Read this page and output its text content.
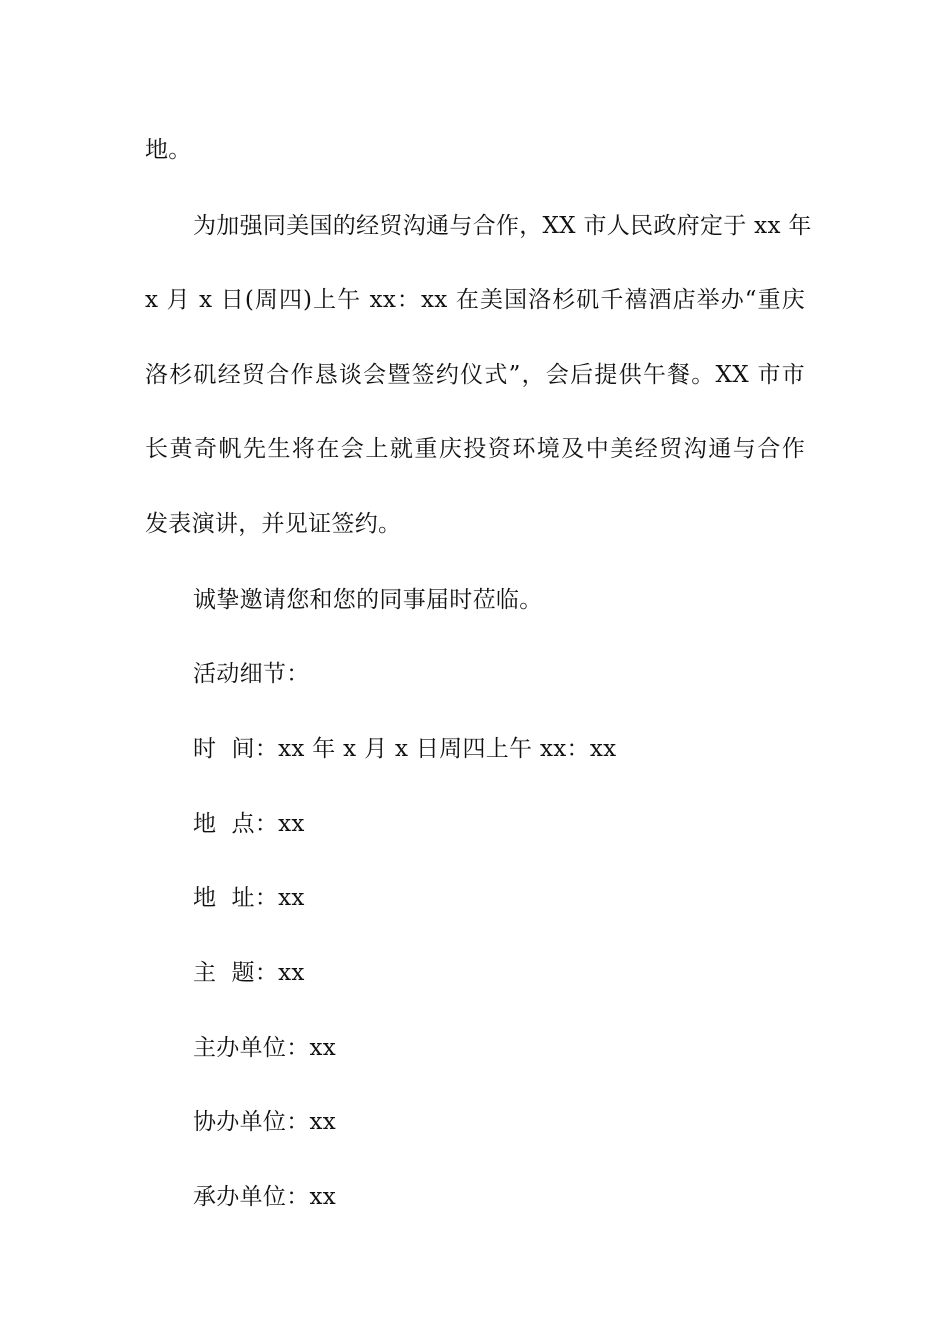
地。
为加强同美国的经贸沟通与合作，XX 市人民政府定于 xx 年
x 月 x 日(周四)上午 xx：xx 在美国洛杉矶千禧酒店举办“重庆
洛杉矶经贸合作恳谈会暨签约仪式”，会后提供午餐。XX 市市
长黄奇帆先生将在会上就重庆投资环境及中美经贸沟通与合作
发表演讲，并见证签约。
诚挚邀请您和您的同事届时莅临。
活动细节：
时  间：xx 年 x 月 x 日周四上午 xx：xx
地  点：xx
地  址：xx
主  题：xx
主办单位：xx
协办单位：xx
承办单位：xx
